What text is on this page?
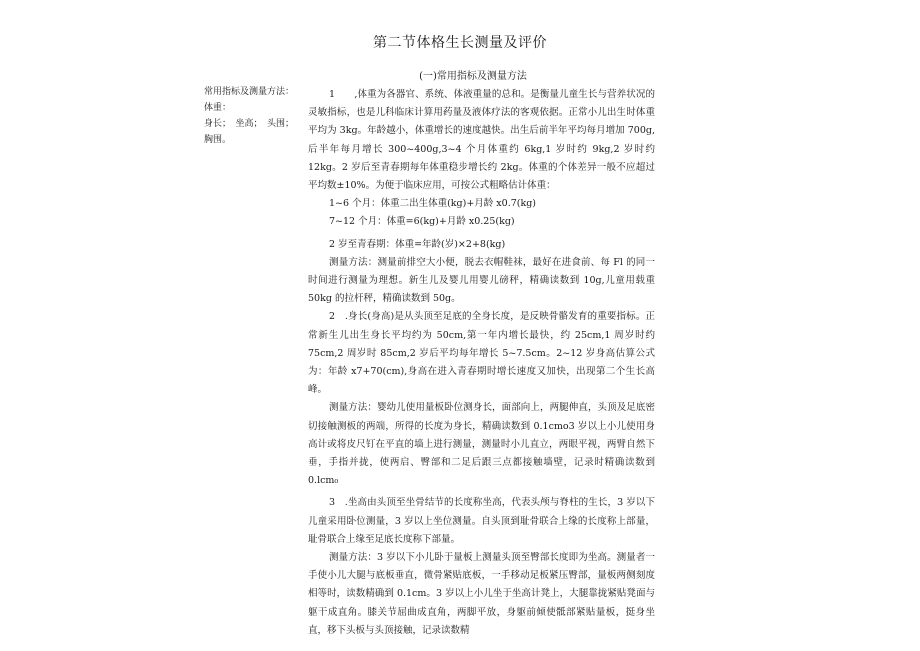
第二节体格生长测量及评价
(一)常用指标及测量方法
常用指标及测量方法：
体重：
身长；　坐高；　头围；
胸围。

1　　,体重为各器官、系统、体液重量的总和。是衡量儿童生长与营养状况的灵敏指标，也是儿科临床计算用药量及液体疗法的客观依据。正常小儿出生时体重平均为 3kg。年龄越小，体重增长的速度越快。出生后前半年平均每月增加 700g,后半年每月增长 300~400g,3~4 个月体重约 6kg,1 岁时约 9kg,2 岁时约 12kg。2 岁后至青春期每年体重稳步增长约 2kg。体重的个体差异一般不应超过平均数±10%。为便于临床应用，可按公式粗略估计体重：

1~6 个月：体重二出生体重(kg)+月龄 x0.7(kg)

7~12 个月：体重=6(kg)+月龄 x0.25(kg)

2 岁至青春期：体重=年龄(岁)×2+8(kg)

测量方法：测量前排空大小便，脱去衣帽鞋袜，最好在进食前、每 Fl 的同一时间进行测量为理想。新生儿及婴儿用婴儿磅秤，精确读数到 10g,儿童用载重 50kg 的拉杆秤，精确读数到 50g。

2　.身长(身高)是从头顶至足底的全身长度，是反映骨骼发育的重要指标。正常新生儿出生身长平均约为 50cm,第一年内增长最快，约 25cm,1 周岁时约 75cm,2 周岁时 85cm,2 岁后平均每年增长 5~7.5cm。2~12 岁身高估算公式为：年龄 x7+70(cm),身高在进入青春期时增长速度又加快，出现第二个生长高峰。

测量方法：婴幼儿使用量板卧位测身长，面部向上，两腿伸直，头顶及足底密切接触测板的两端，所得的长度为身长，精确读数到 0.1cmo3 岁以上小儿使用身高计或将皮尺钉在平直的墙上进行测量，测量时小儿直立，两眼平视，两臂自然下垂，手指并拢，使两启、臀部和二足后跟三点都接触墙壁，记录时精确读数到 0.lcm₀

3　.坐高由头顶至坐骨结节的长度称坐高，代表头颅与脊柱的生长，3 岁以下儿童采用卧位测量，3 岁以上坐位测量。自头顶到耻骨联合上缘的长度称上部量，耻骨联合上缘至足底长度称下部量。

测量方法：3 岁以下小儿卧于量板上测量头顶至臀部长度即为坐高。测量者一手使小儿大腿与底板垂直，微骨紧贴底板，一手移动足板紧压臀部，量板两侧刻度相等时，读数精确到 0.1cm。3 岁以上小儿坐于坐高计凳上，大腿靠拢紧贴凳面与躯干成直角。膝关节屈曲成直角，两脚平放，身躯前倾使骶部紧贴量板，挺身坐直，移下头板与头顶接触，记录读数精
